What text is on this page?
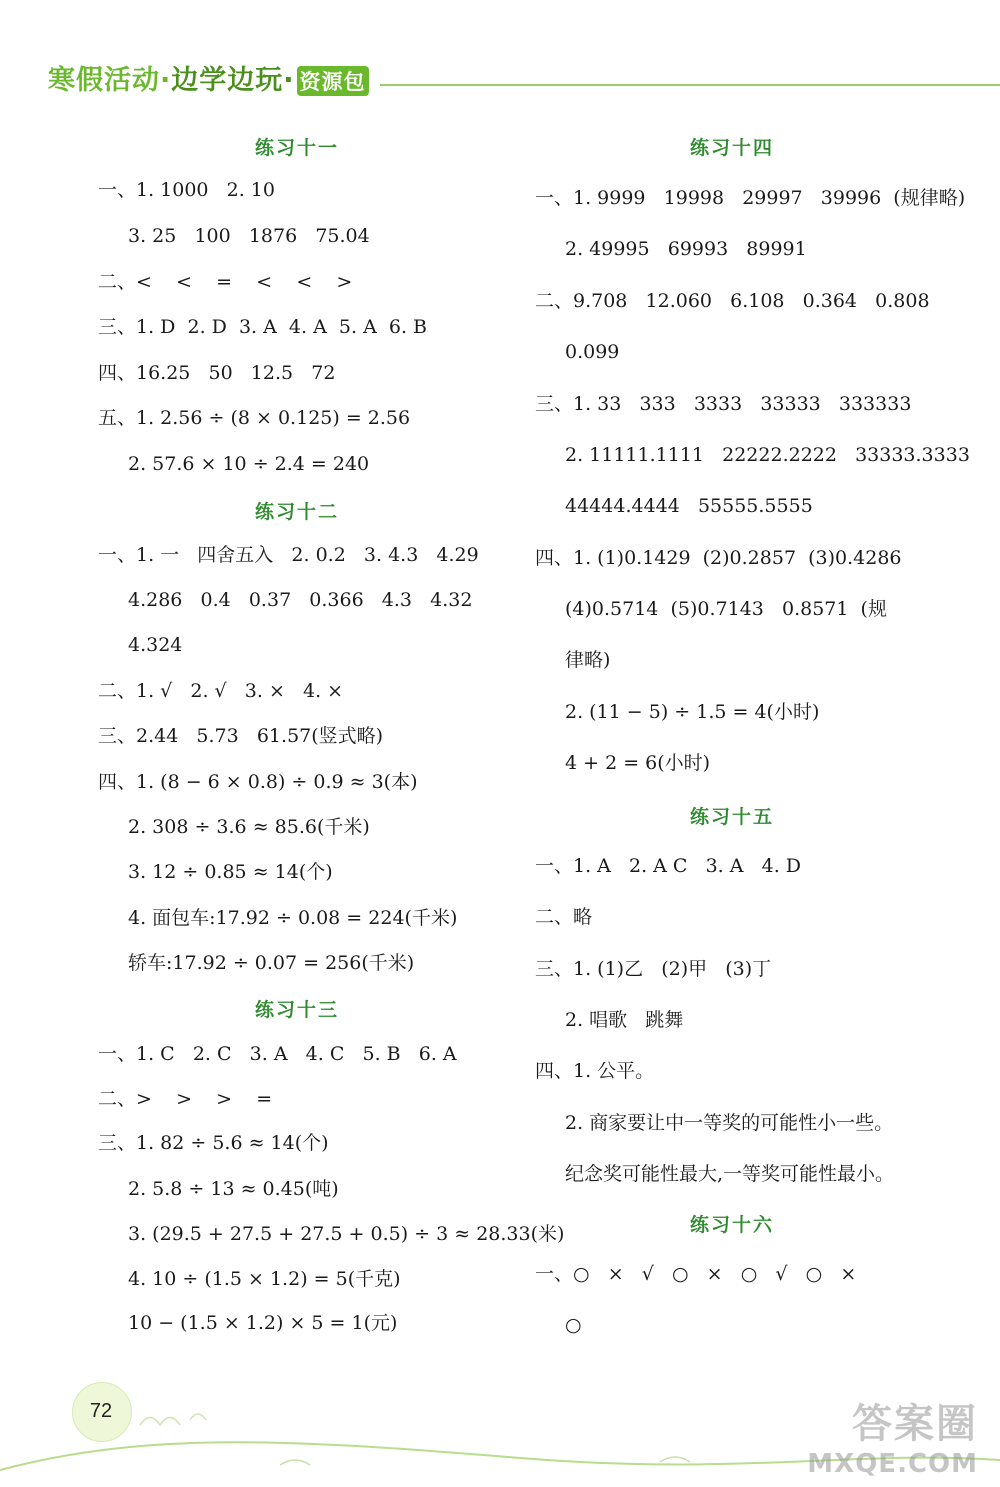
寒假活动·边学边玩· 资源包
练习十一
一、1. 1000   2. 10
3. 25   100   1876   75.04
二、<    <    =    <    <    >
三、1. D  2. D  3. A  4. A  5. A  6. B
四、16.25   50   12.5   72
五、1. 2.56 ÷ (8 × 0.125) = 2.56
2. 57.6 × 10 ÷ 2.4 = 240
练习十二
一、1. 一   四舍五入   2. 0.2   3. 4.3   4.29
4.286   0.4   0.37   0.366   4.3   4.32
4.324
二、1. √   2. √   3. ×   4. ×
三、2.44   5.73   61.57(竖式略)
四、1. (8 − 6 × 0.8) ÷ 0.9 ≈ 3(本)
2. 308 ÷ 3.6 ≈ 85.6(千米)
3. 12 ÷ 0.85 ≈ 14(个)
4. 面包车:17.92 ÷ 0.08 = 224(千米)
轿车:17.92 ÷ 0.07 = 256(千米)
练习十三
一、1. C   2. C   3. A   4. C   5. B   6. A
二、>    >    >    =
三、1. 82 ÷ 5.6 ≈ 14(个)
2. 5.8 ÷ 13 ≈ 0.45(吨)
3. (29.5 + 27.5 + 27.5 + 0.5) ÷ 3 ≈ 28.33(米)
4. 10 ÷ (1.5 × 1.2) = 5(千克)
10 − (1.5 × 1.2) × 5 = 1(元)
练习十四
一、1. 9999   19998   29997   39996  (规律略)
2. 49995   69993   89991
二、9.708   12.060   6.108   0.364   0.808
0.099
三、1. 33   333   3333   33333   333333
2. 11111.1111   22222.2222   33333.3333
44444.4444   55555.5555
四、1. (1)0.1429  (2)0.2857  (3)0.4286
(4)0.5714  (5)0.7143   0.8571  (规
律略)
2. (11 − 5) ÷ 1.5 = 4(小时)
4 + 2 = 6(小时)
练习十五
一、1. A   2. A C   3. A   4. D
二、略
三、1. (1)乙   (2)甲   (3)丁
2. 唱歌   跳舞
四、1. 公平。
2. 商家要让中一等奖的可能性小一些。
纪念奖可能性最大,一等奖可能性最小。
练习十六
一、○   ×   √   ○   ×   ○   √   ○   ×
○
72	答案圈
MXQE.COM
